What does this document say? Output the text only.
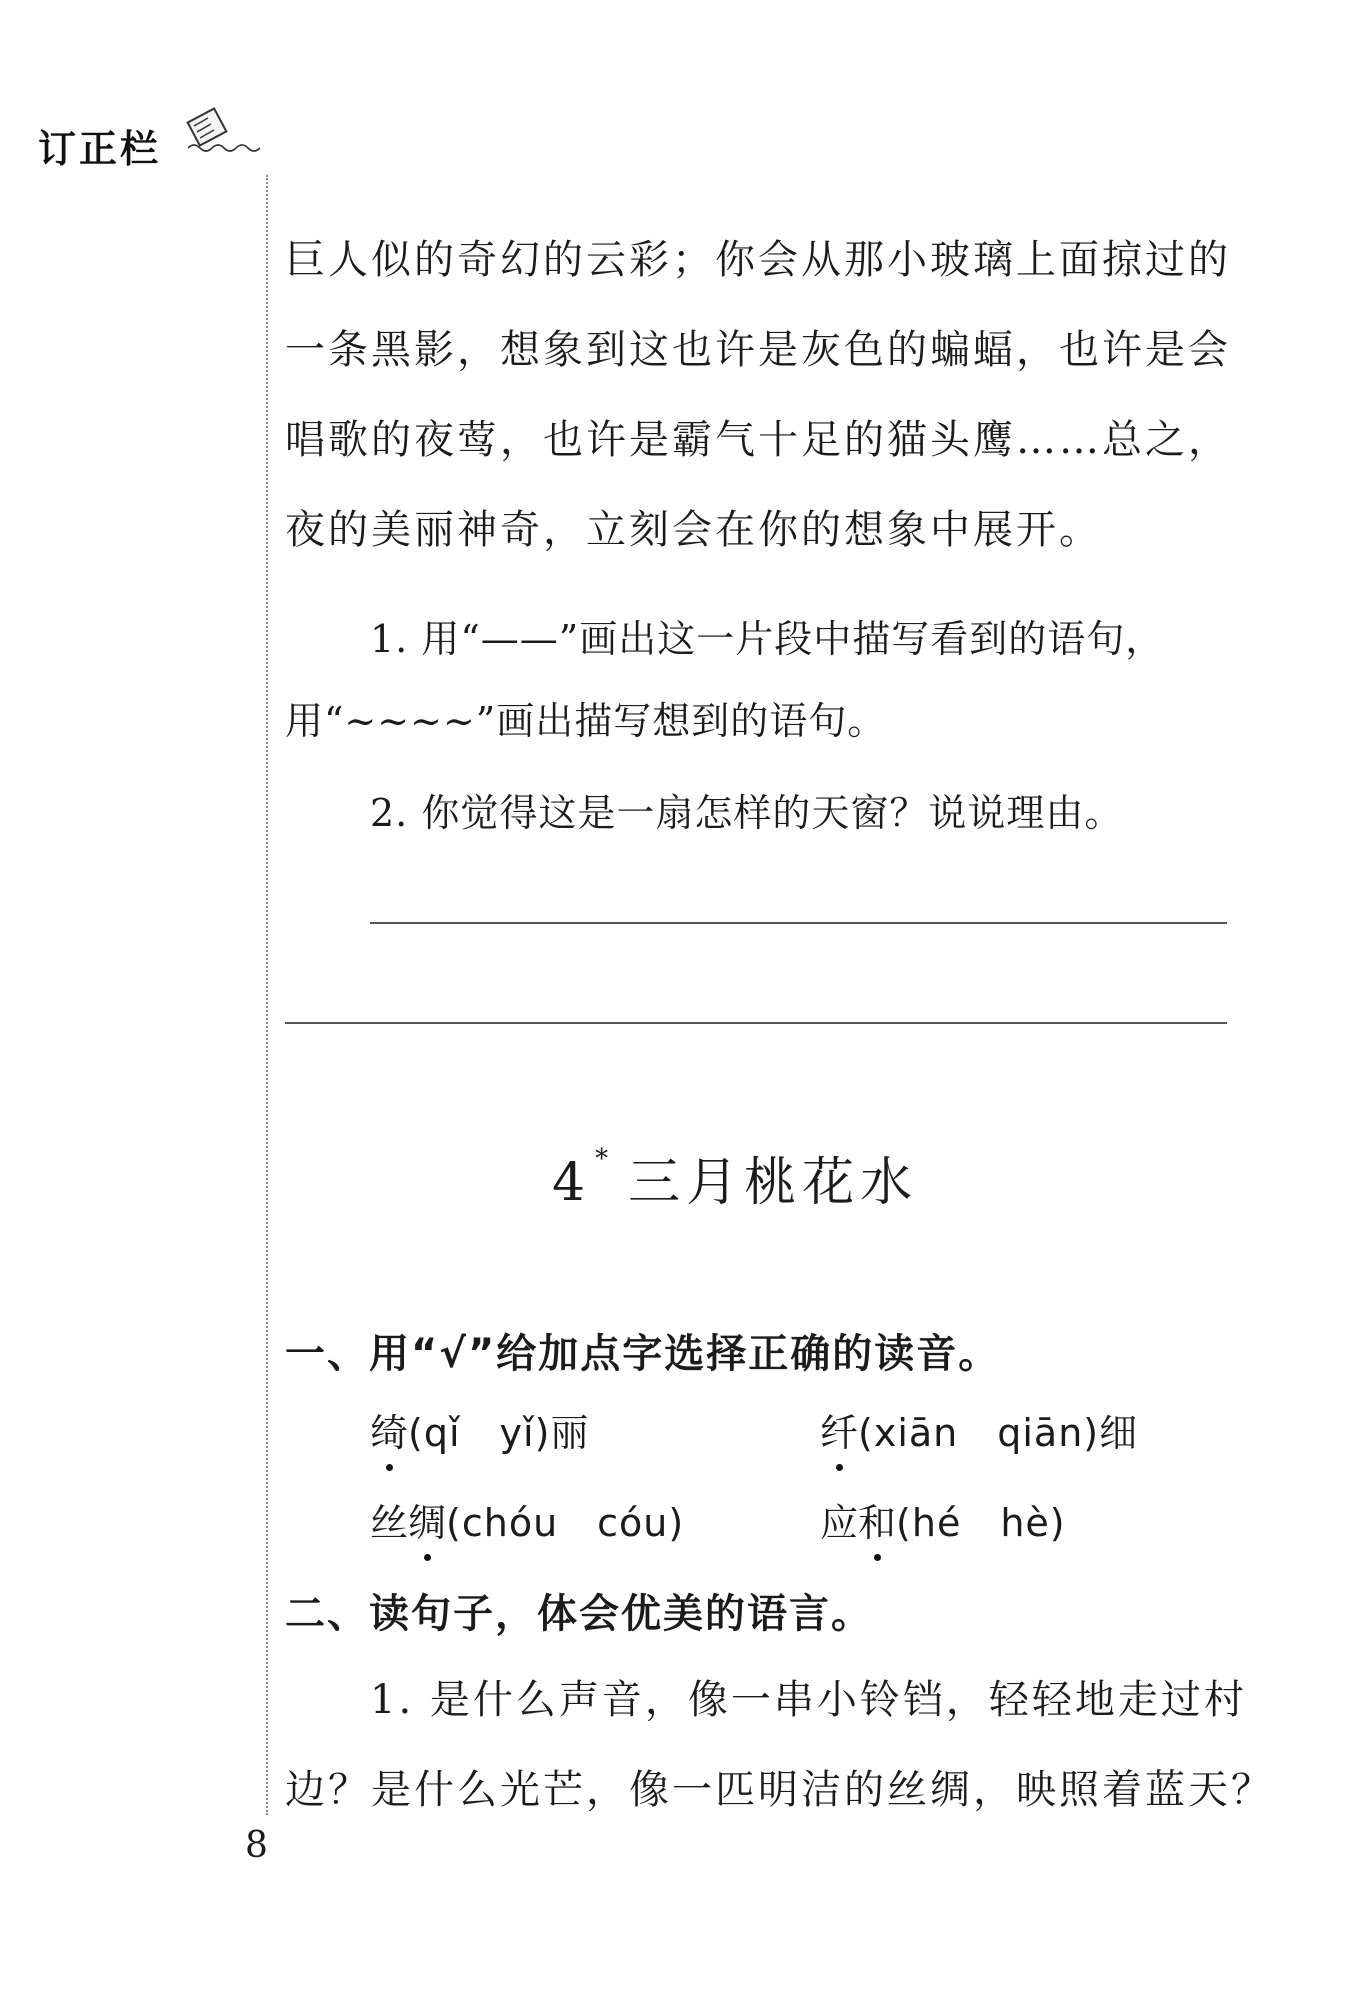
订正栏
巨人似的奇幻的云彩；你会从那小玻璃上面掠过的
一条黑影，想象到这也许是灰色的蝙蝠，也许是会
唱歌的夜莺，也许是霸气十足的猫头鹰……总之，
夜的美丽神奇，立刻会在你的想象中展开。
1. 用“——”画出这一片段中描写看到的语句，
用“~~~~”画出描写想到的语句。
2. 你觉得这是一扇怎样的天窗？说说理由。
4 * 三月桃花水
一、用“√”给加点字选择正确的读音。
绮(qǐ　yǐ)丽	纤(xiān　qiān)细
丝绸(chóu　cóu)	应和(hé　hè)
二、读句子，体会优美的语言。
1. 是什么声音，像一串小铃铛，轻轻地走过村
边？是什么光芒，像一匹明洁的丝绸，映照着蓝天？
8
